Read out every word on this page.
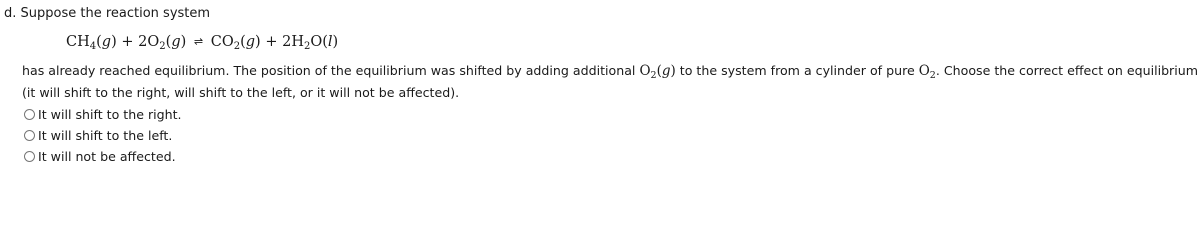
d. Suppose the reaction system
$CH_4(g) + 2O_2(g)$ ⇌ $CO_2(g) + 2H_2O(l)$

has already reached equilibrium. The position of the equilibrium was shifted by adding additional $O_2(g)$ to the system from a cylinder of pure $O_2$. Choose the correct effect on equilibrium (it will shift to the right, will shift to the left, or it will not be affected).

It will shift to the right.
It will shift to the left.
It will not be affected.
